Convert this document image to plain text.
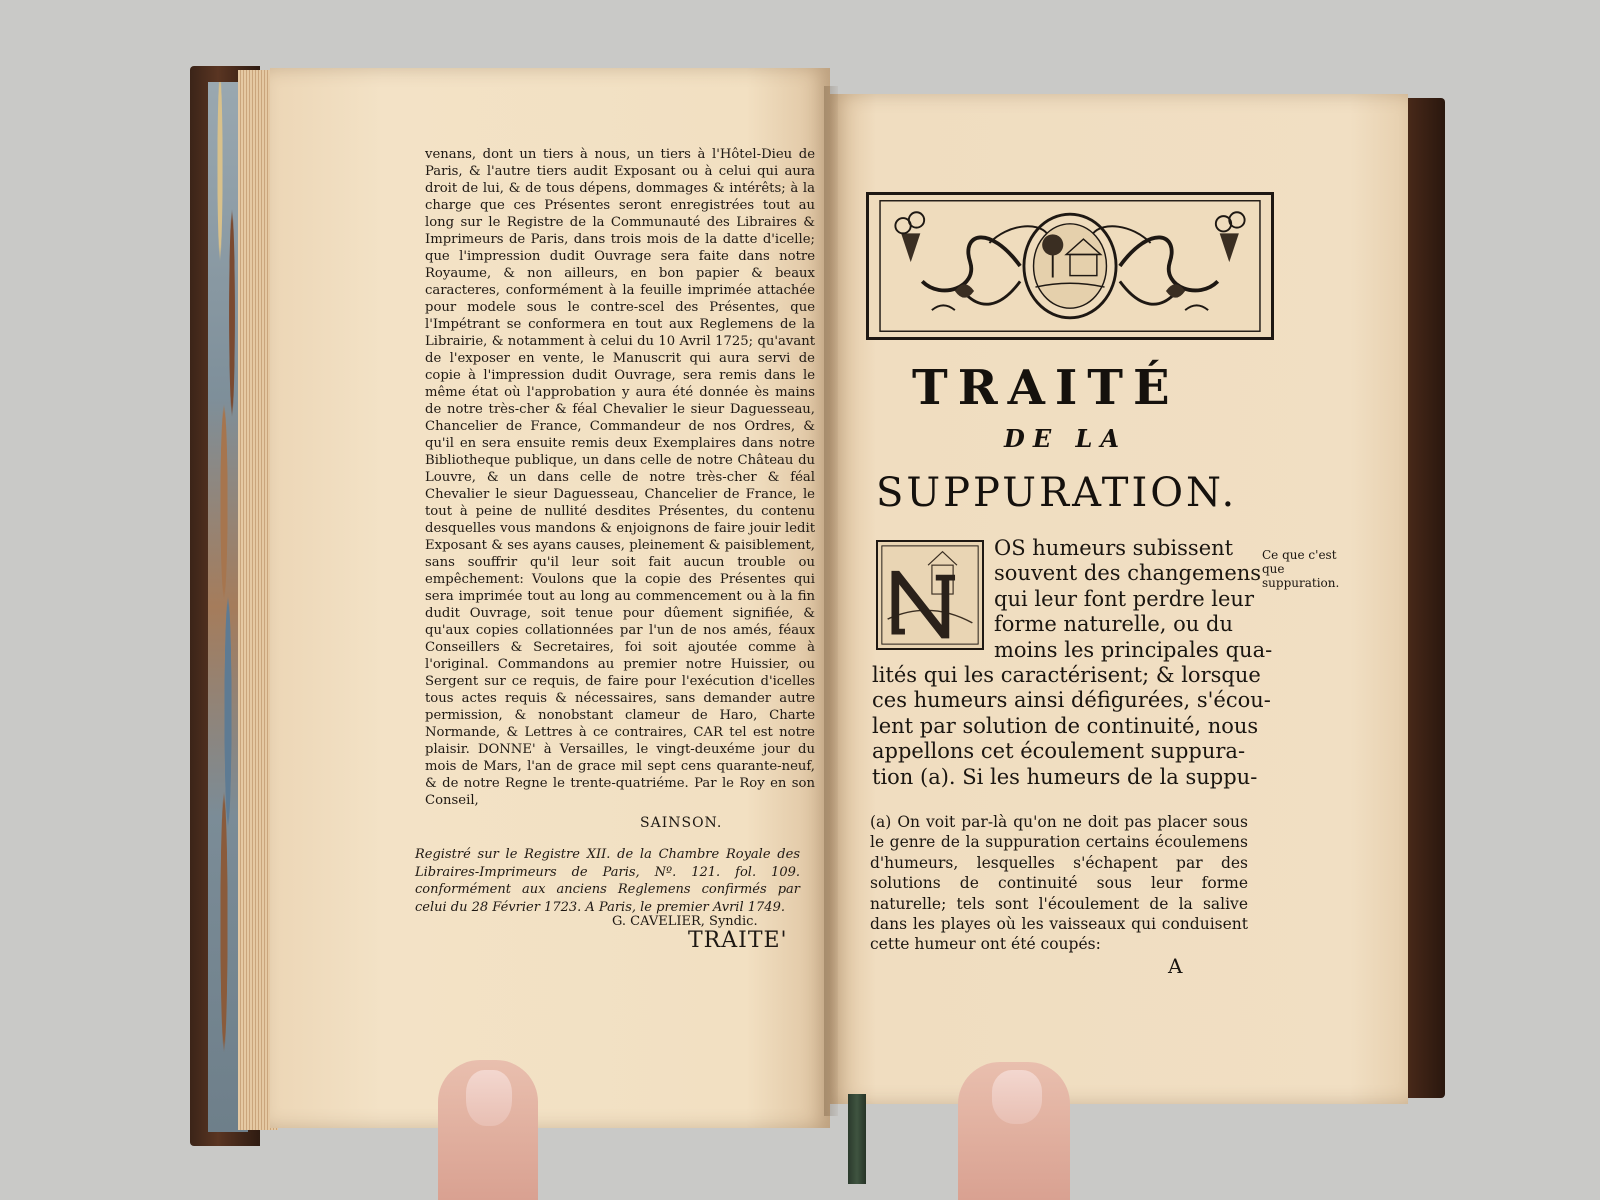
venans, dont un tiers à nous, un tiers à l'Hôtel-Dieu de Paris, & l'autre tiers audit Exposant ou à celui qui aura droit de lui, & de tous dépens, dommages & intérêts; à la charge que ces Présentes seront enregistrées tout au long sur le Registre de la Communauté des Libraires & Imprimeurs de Paris, dans trois mois de la datte d'icelle; que l'impression dudit Ouvrage sera faite dans notre Royaume, & non ailleurs, en bon papier & beaux caracteres, conformément à la feuille imprimée attachée pour modele sous le contre-scel des Présentes, que l'Impétrant se conformera en tout aux Reglemens de la Librairie, & notamment à celui du 10 Avril 1725; qu'avant de l'exposer en vente, le Manuscrit qui aura servi de copie à l'impression dudit Ouvrage, sera remis dans le même état où l'approbation y aura été donnée ès mains de notre très-cher & féal Chevalier le sieur Daguesseau, Chancelier de France, Commandeur de nos Ordres, & qu'il en sera ensuite remis deux Exemplaires dans notre Bibliotheque publique, un dans celle de notre Château du Louvre, & un dans celle de notre très-cher & féal Chevalier le sieur Daguesseau, Chancelier de France, le tout à peine de nullité desdites Présentes, du contenu desquelles vous mandons & enjoignons de faire jouir ledit Exposant & ses ayans causes, pleinement & paisiblement, sans souffrir qu'il leur soit fait aucun trouble ou empêchement: Voulons que la copie des Présentes qui sera imprimée tout au long au commencement ou à la fin dudit Ouvrage, soit tenue pour dûement signifiée, & qu'aux copies collationnées par l'un de nos amés, féaux Conseillers & Secretaires, foi soit ajoutée comme à l'original. Commandons au premier notre Huissier, ou Sergent sur ce requis, de faire pour l'exécution d'icelles tous actes requis & nécessaires, sans demander autre permission, & nonobstant clameur de Haro, Charte Normande, & Lettres à ce contraires, CAR tel est notre plaisir. DONNE' à Versailles, le vingt-deuxéme jour du mois de Mars, l'an de grace mil sept cens quarante-neuf, & de notre Regne le trente-quatriéme. Par le Roy en son Conseil,

SAINSON.
Registré sur le Registre XII. de la Chambre Royale des Libraires-Imprimeurs de Paris, Nº. 121. fol. 109. conformément aux anciens Reglemens confirmés par celui du 28 Février 1723. A Paris, le premier Avril 1749.
G. CAVELIER, Syndic.
TRAITE'
TRAITÉ
DE LA
SUPPURATION.
OS humeurs subissent
souvent des changemens
qui leur font perdre leur
forme naturelle, ou du
moins les principales qua-
lités qui les caractérisent; & lorsque
ces humeurs ainsi défigurées, s'écou-
lent par solution de continuité, nous
appellons cet écoulement suppura-
tion (a). Si les humeurs de la suppu-
Ce que c'est que suppuration.
(a) On voit par-là qu'on ne doit pas placer sous le genre de la suppuration certains écoulemens d'humeurs, lesquelles s'échapent par des solutions de continuité sous leur forme naturelle; tels sont l'écoulement de la salive dans les playes où les vaisseaux qui conduisent cette humeur ont été coupés:
A
